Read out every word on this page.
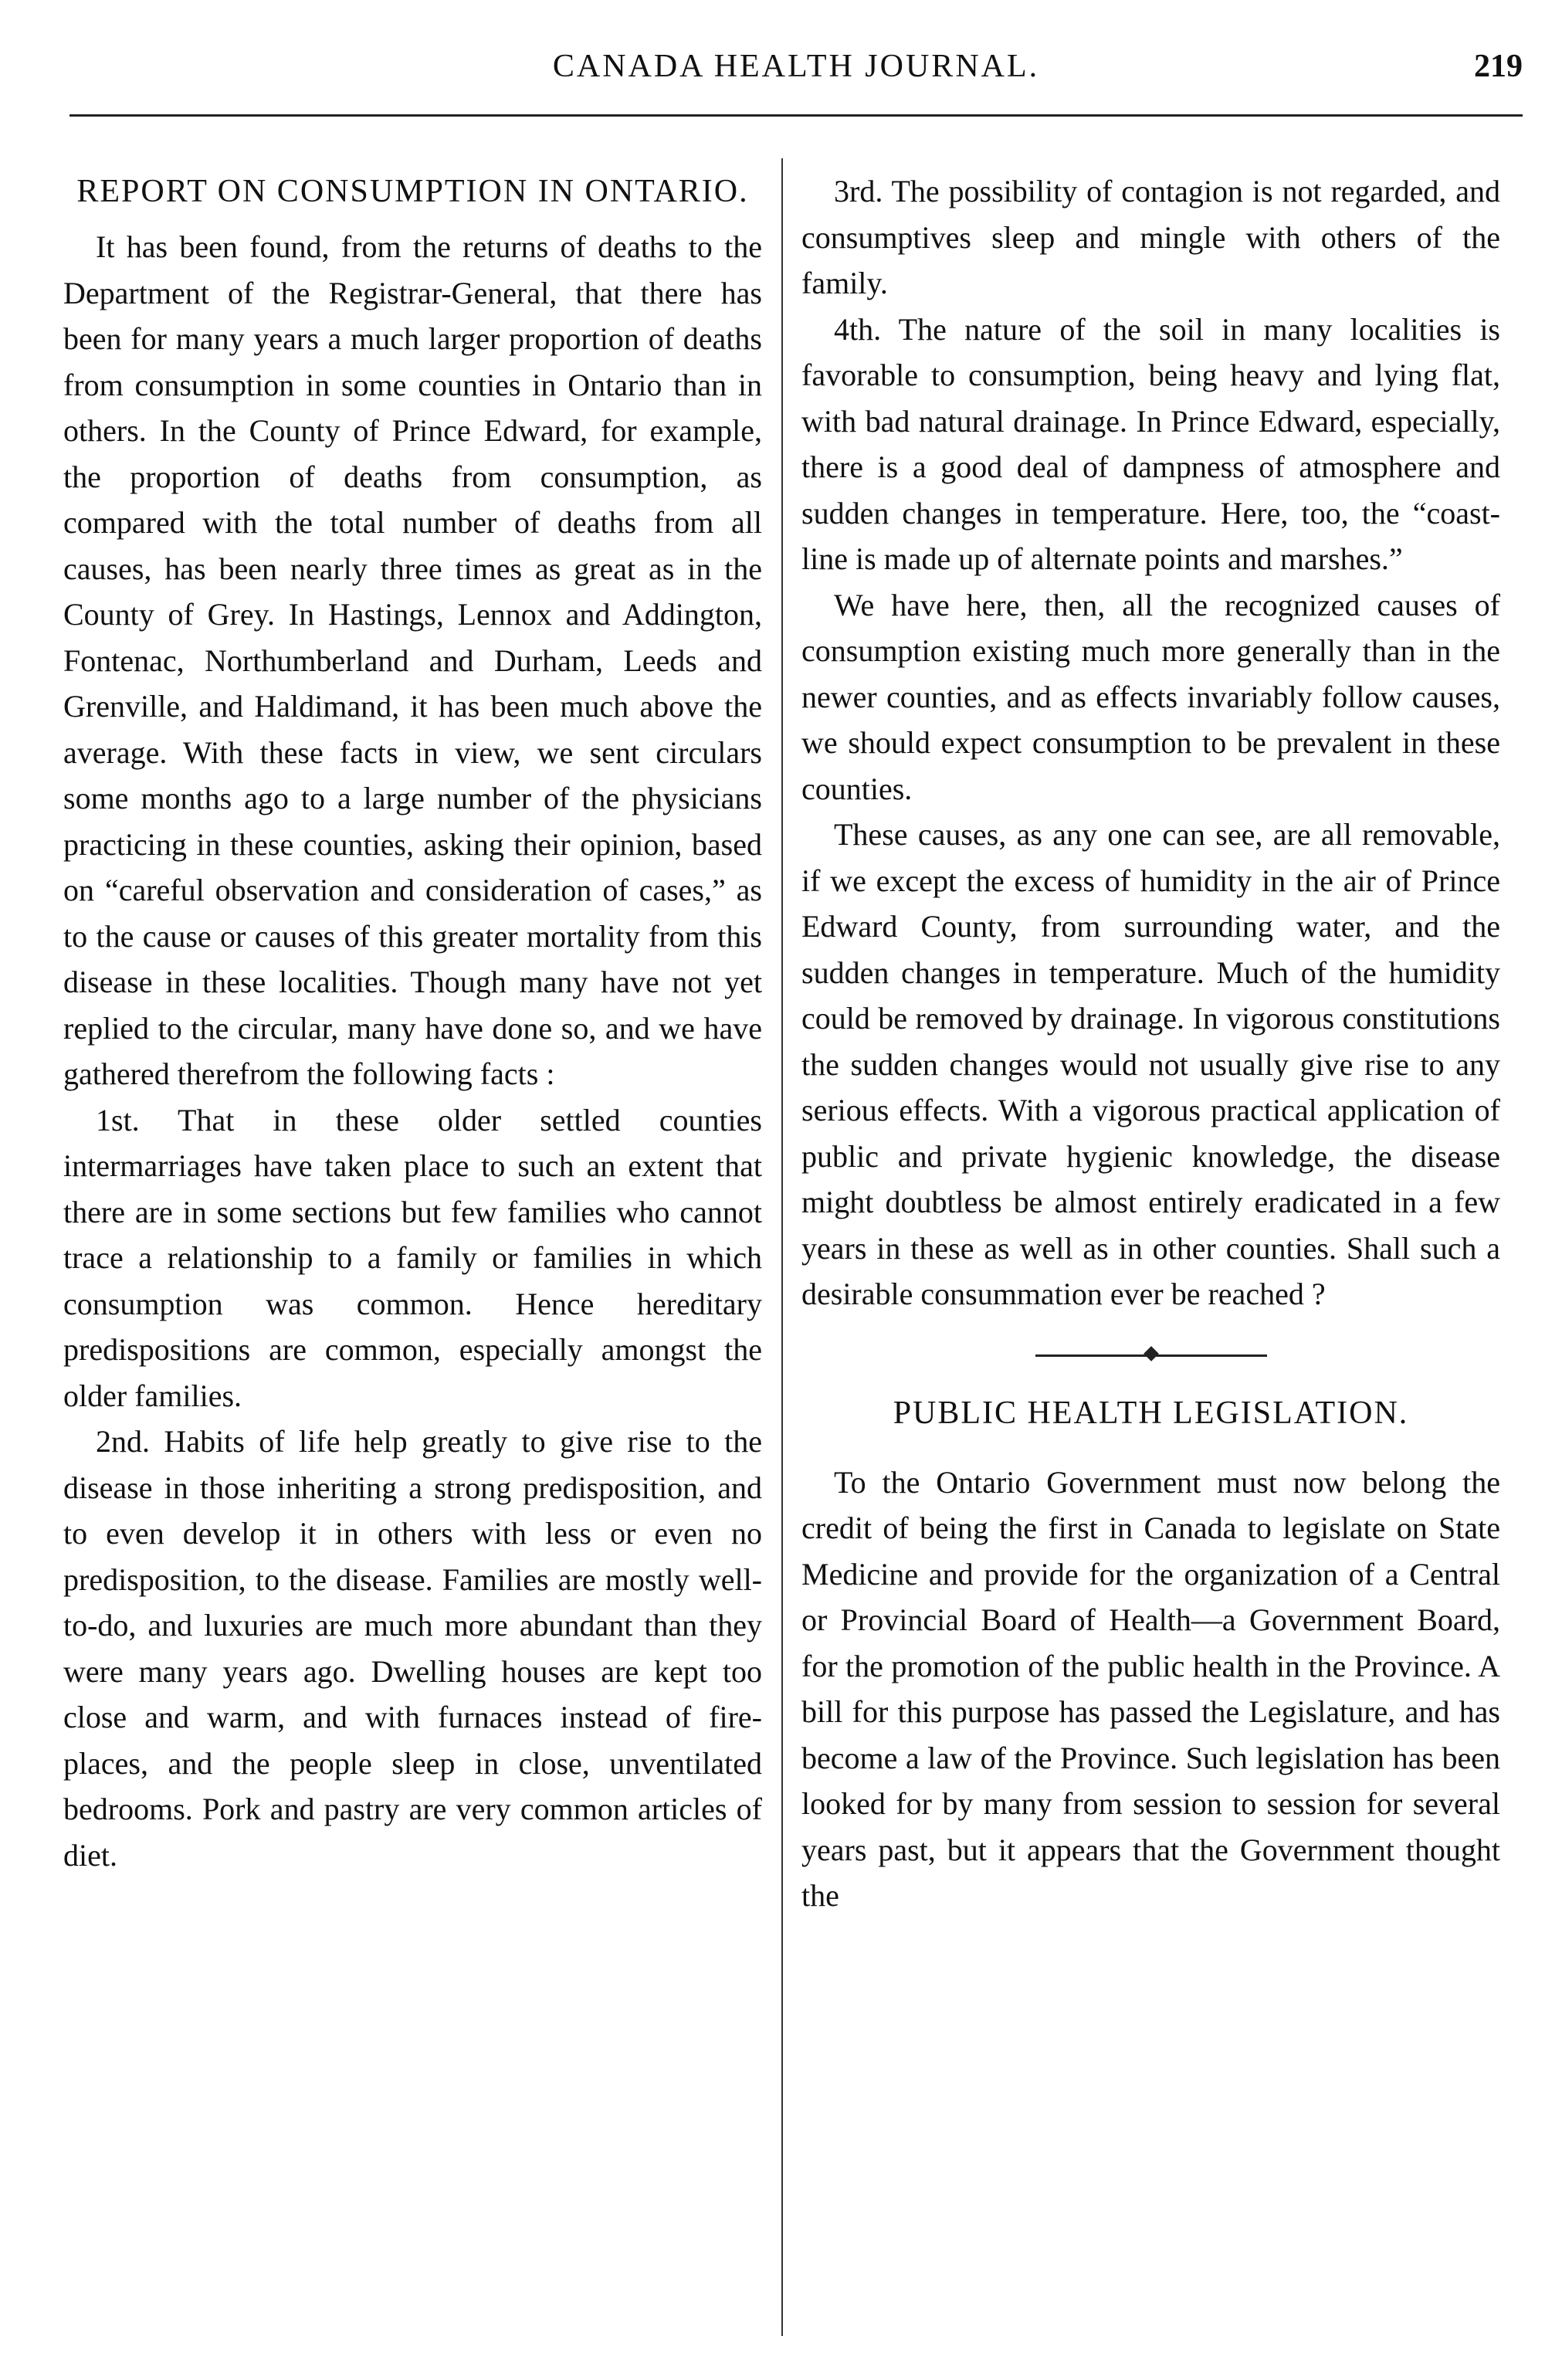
CANADA HEALTH JOURNAL.	219
REPORT ON CONSUMPTION IN ONTARIO.

It has been found, from the returns of deaths to the Department of the Registrar-General, that there has been for many years a much larger proportion of deaths from consumption in some counties in Ontario than in others. In the County of Prince Edward, for example, the proportion of deaths from consumption, as compared with the total number of deaths from all causes, has been nearly three times as great as in the County of Grey. In Hastings, Lennox and Addington, Fontenac, Northumberland and Durham, Leeds and Grenville, and Haldimand, it has been much above the average. With these facts in view, we sent circulars some months ago to a large number of the physicians practicing in these counties, asking their opinion, based on “careful observation and consideration of cases,” as to the cause or causes of this greater mortality from this disease in these localities. Though many have not yet replied to the circular, many have done so, and we have gathered therefrom the following facts :

1st. That in these older settled counties intermarriages have taken place to such an extent that there are in some sections but few families who cannot trace a relationship to a family or families in which consumption was common. Hence hereditary predispositions are common, especially amongst the older families.

2nd. Habits of life help greatly to give rise to the disease in those inheriting a strong predisposition, and to even develop it in others with less or even no predisposition, to the disease. Families are mostly well-to-do, and luxuries are much more abundant than they were many years ago. Dwelling houses are kept too close and warm, and with furnaces instead of fire-places, and the people sleep in close, unventilated bedrooms. Pork and pastry are very common articles of diet.

3rd. The possibility of contagion is not regarded, and consumptives sleep and mingle with others of the family.

4th. The nature of the soil in many localities is favorable to consumption, being heavy and lying flat, with bad natural drainage. In Prince Edward, especially, there is a good deal of dampness of atmosphere and sudden changes in temperature. Here, too, the “coast-line is made up of alternate points and marshes.”

We have here, then, all the recognized causes of consumption existing much more generally than in the newer counties, and as effects invariably follow causes, we should expect consumption to be prevalent in these counties.

These causes, as any one can see, are all removable, if we except the excess of humidity in the air of Prince Edward County, from surrounding water, and the sudden changes in temperature. Much of the humidity could be removed by drainage. In vigorous constitutions the sudden changes would not usually give rise to any serious effects. With a vigorous practical application of public and private hygienic knowledge, the disease might doubtless be almost entirely eradicated in a few years in these as well as in other counties. Shall such a desirable consummation ever be reached ?

PUBLIC HEALTH LEGISLATION.

To the Ontario Government must now belong the credit of being the first in Canada to legislate on State Medicine and provide for the organization of a Central or Provincial Board of Health—a Government Board, for the promotion of the public health in the Province. A bill for this purpose has passed the Legislature, and has become a law of the Province. Such legislation has been looked for by many from session to session for several years past, but it appears that the Government thought the
